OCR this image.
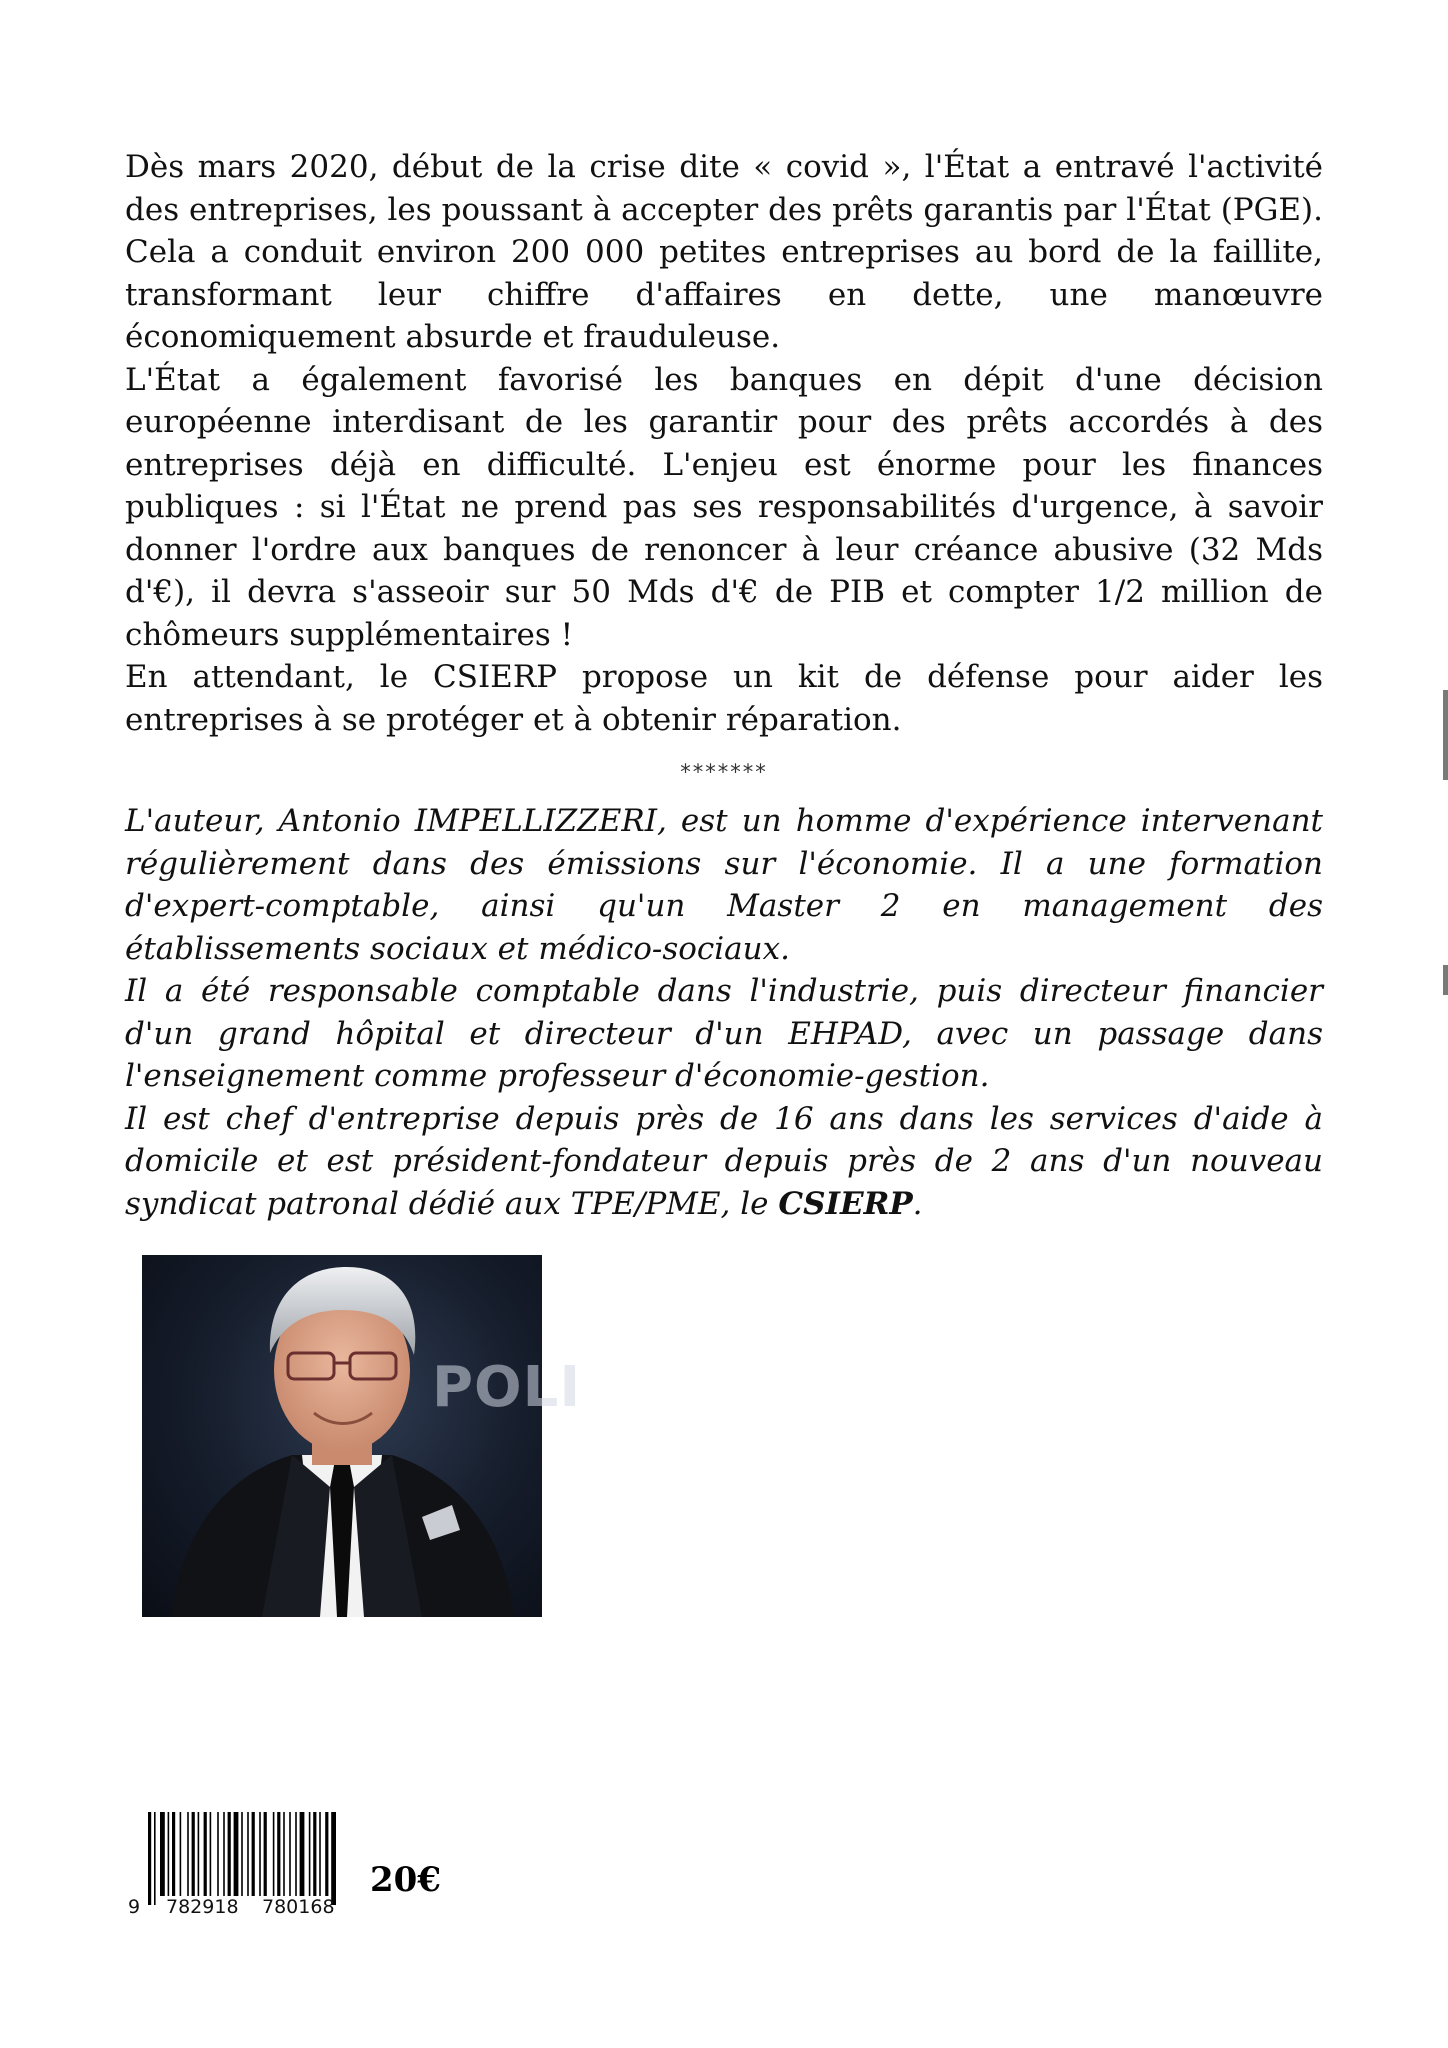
Dès mars 2020, début de la crise dite « covid », l'État a entravé l'activité des entreprises, les poussant à accepter des prêts garantis par l'État (PGE). Cela a conduit environ 200 000 petites entreprises au bord de la faillite, transformant leur chiffre d'affaires en dette, une manœuvre économiquement absurde et frauduleuse.

L'État a également favorisé les banques en dépit d'une décision européenne interdisant de les garantir pour des prêts accordés à des entreprises déjà en difficulté. L'enjeu est énorme pour les finances publiques : si l'État ne prend pas ses responsabilités d'urgence, à savoir donner l'ordre aux banques de renoncer à leur créance abusive (32 Mds d'€), il devra s'asseoir sur 50 Mds d'€ de PIB et compter 1/2 million de chômeurs supplémentaires !

En attendant, le CSIERP propose un kit de défense pour aider les entreprises à se protéger et à obtenir réparation.

*******

L'auteur, Antonio IMPELLIZZERI, est un homme d'expérience intervenant régulièrement dans des émissions sur l'économie. Il a une formation d'expert-comptable, ainsi qu'un Master 2 en management des établissements sociaux et médico-sociaux.

Il a été responsable comptable dans l'industrie, puis directeur financier d'un grand hôpital et directeur d'un EHPAD, avec un passage dans l'enseignement comme professeur d'économie-gestion.

Il est chef d'entreprise depuis près de 16 ans dans les services d'aide à domicile et est président-fondateur depuis près de 2 ans d'un nouveau syndicat patronal dédié aux TPE/PME, le CSIERP.

POLI
9 782918 780168
20€
